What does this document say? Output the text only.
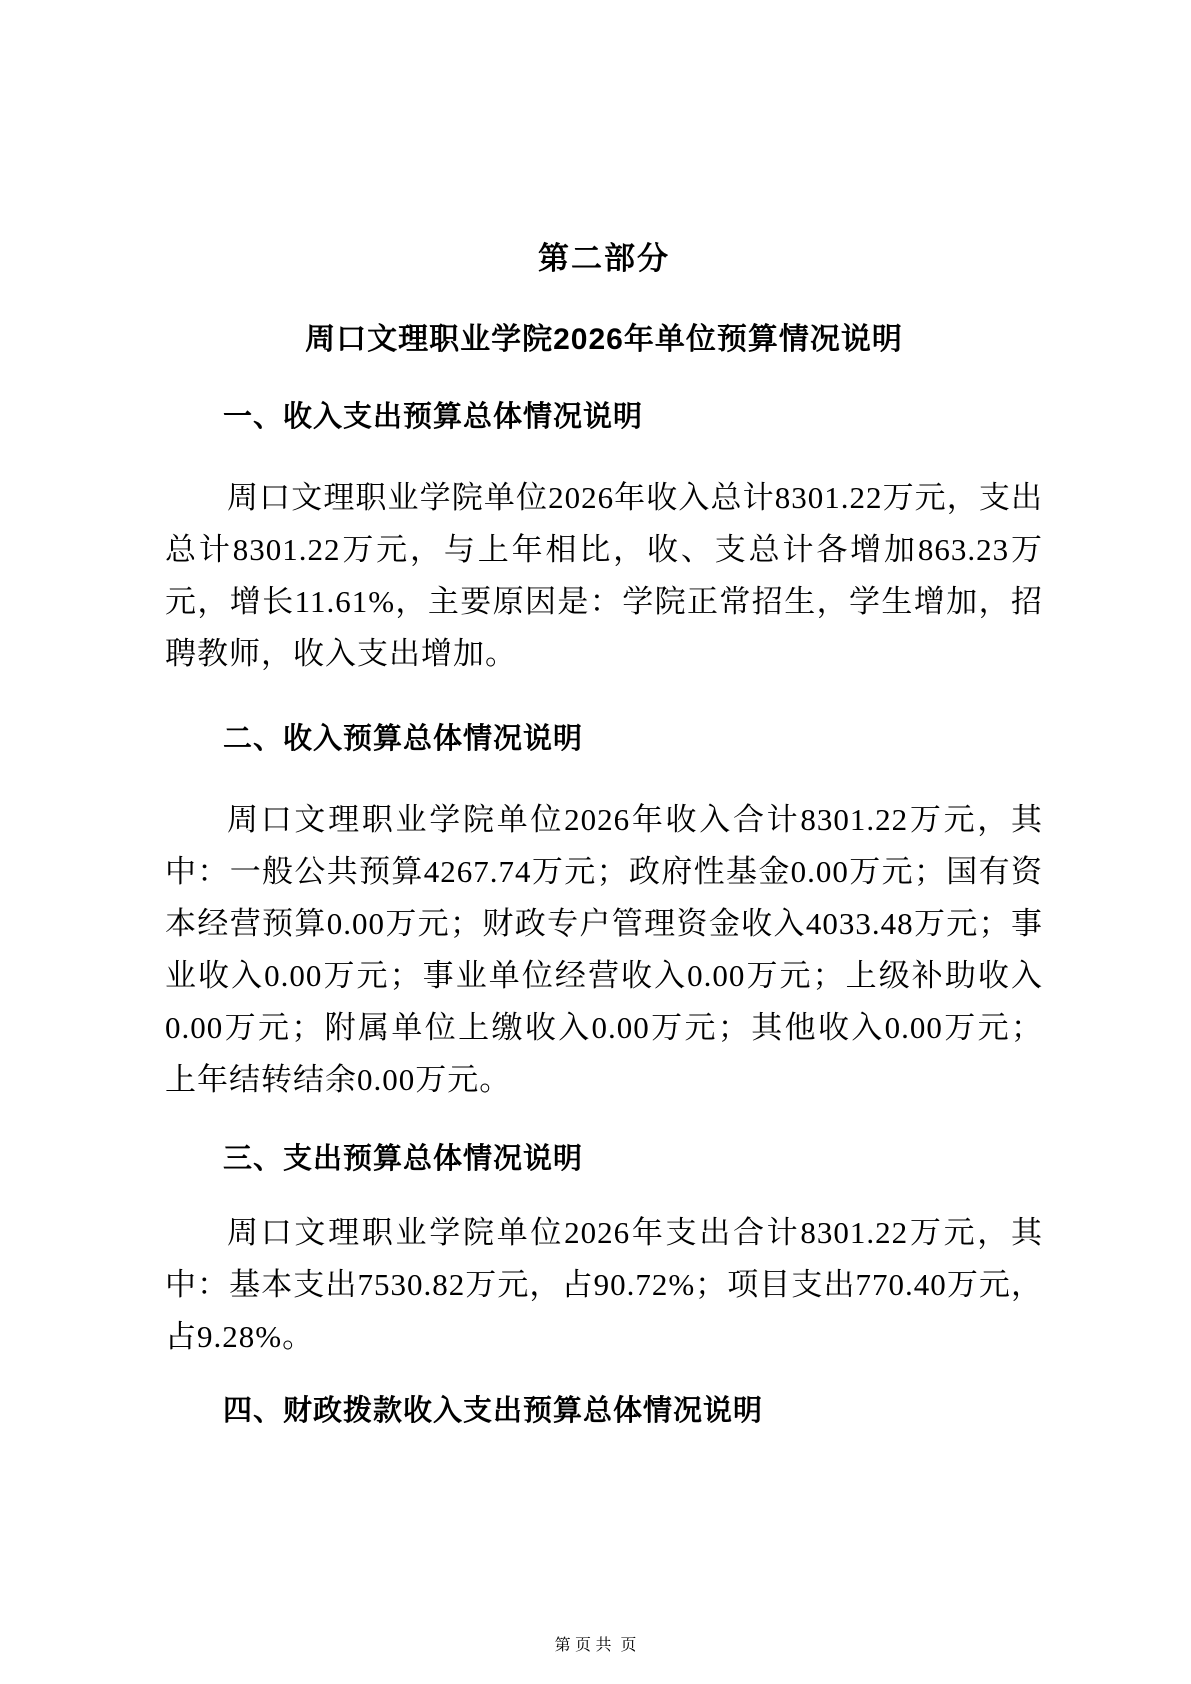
第二部分
周口文理职业学院2026年单位预算情况说明
一、收入支出预算总体情况说明

周口文理职业学院单位2026年收入总计8301.22万元，支出总计8301.22万元，与上年相比，收、支总计各增加863.23万元，增长11.61%，主要原因是：学院正常招生，学生增加，招聘教师，收入支出增加。

二、收入预算总体情况说明

周口文理职业学院单位2026年收入合计8301.22万元，其中：一般公共预算4267.74万元；政府性基金0.00万元；国有资本经营预算0.00万元；财政专户管理资金收入4033.48万元；事业收入0.00万元；事业单位经营收入0.00万元；上级补助收入0.00万元；附属单位上缴收入0.00万元；其他收入0.00万元；上年结转结余0.00万元。

三、支出预算总体情况说明

周口文理职业学院单位2026年支出合计8301.22万元，其中：基本支出7530.82万元，占90.72%；项目支出770.40万元，占9.28%。

四、财政拨款收入支出预算总体情况说明
第 页 共  页
